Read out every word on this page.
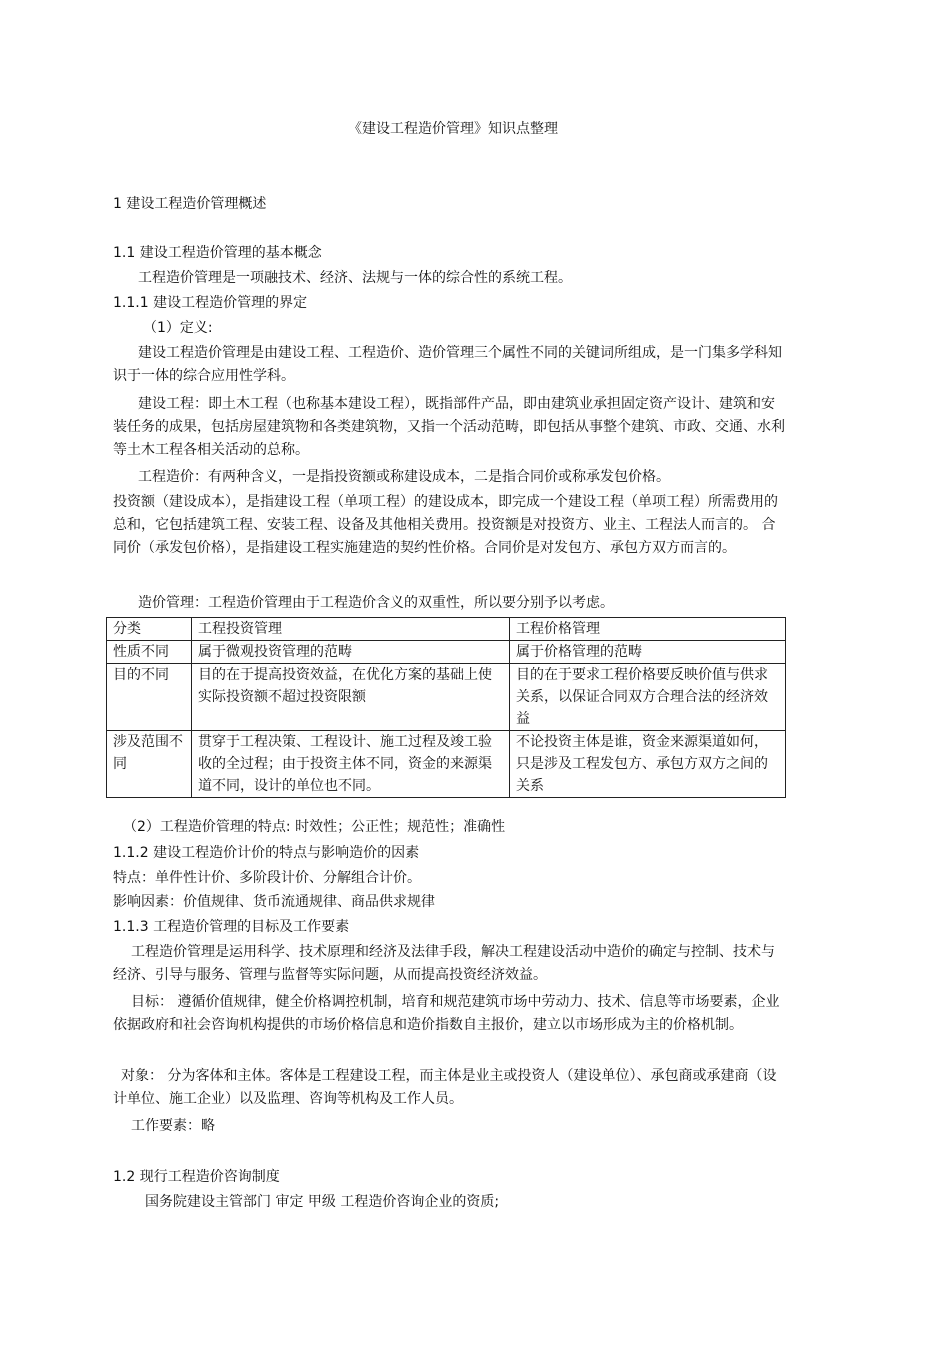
《建设工程造价管理》知识点整理
1 建设工程造价管理概述
1.1 建设工程造价管理的基本概念
工程造价管理是一项融技术、经济、法规与一体的综合性的系统工程。
1.1.1 建设工程造价管理的界定
（1）定义:

建设工程造价管理是由建设工程、工程造价、造价管理三个属性不同的关键词所组成，是一门集多学科知识于一体的综合应用性学科。

建设工程：即土木工程（也称基本建设工程），既指部件产品，即由建筑业承担固定资产设计、建筑和安装任务的成果，包括房屋建筑物和各类建筑物，又指一个活动范畴，即包括从事整个建筑、市政、交通、水利等土木工程各相关活动的总称。

工程造价：有两种含义，一是指投资额或称建设成本，二是指合同价或称承发包价格。

投资额（建设成本），是指建设工程（单项工程）的建设成本，即完成一个建设工程（单项工程）所需费用的总和，它包括建筑工程、安装工程、设备及其他相关费用。投资额是对投资方、业主、工程法人而言的。 合同价（承发包价格），是指建设工程实施建造的契约性价格。合同价是对发包方、承包方双方而言的。

造价管理：工程造价管理由于工程造价含义的双重性，所以要分别予以考虑。

分类	工程投资管理	工程价格管理
性质不同	属于微观投资管理的范畴	属于价格管理的范畴
目的不同	目的在于提高投资效益，在优化方案的基础上使实际投资额不超过投资限额	目的在于要求工程价格要反映价值与供求关系，以保证合同双方合理合法的经济效益
涉及范围不同	贯穿于工程决策、工程设计、施工过程及竣工验收的全过程；由于投资主体不同，资金的来源渠道不同，设计的单位也不同。	不论投资主体是谁，资金来源渠道如何，只是涉及工程发包方、承包方双方之间的关系
（2）工程造价管理的特点: 时效性；公正性；规范性；准确性
1.1.2 建设工程造价计价的特点与影响造价的因素
特点：单件性计价、多阶段计价、分解组合计价。
影响因素：价值规律、货币流通规律、商品供求规律
1.1.3 工程造价管理的目标及工作要素

工程造价管理是运用科学、技术原理和经济及法律手段，解决工程建设活动中造价的确定与控制、技术与经济、引导与服务、管理与监督等实际问题，从而提高投资经济效益。

目标： 遵循价值规律，健全价格调控机制，培育和规范建筑市场中劳动力、技术、信息等市场要素，企业依据政府和社会咨询机构提供的市场价格信息和造价指数自主报价，建立以市场形成为主的价格机制。

对象： 分为客体和主体。客体是工程建设工程，而主体是业主或投资人（建设单位）、承包商或承建商（设计单位、施工企业）以及监理、咨询等机构及工作人员。

工作要素：略
1.2 现行工程造价咨询制度
国务院建设主管部门 审定 甲级 工程造价咨询企业的资质;
